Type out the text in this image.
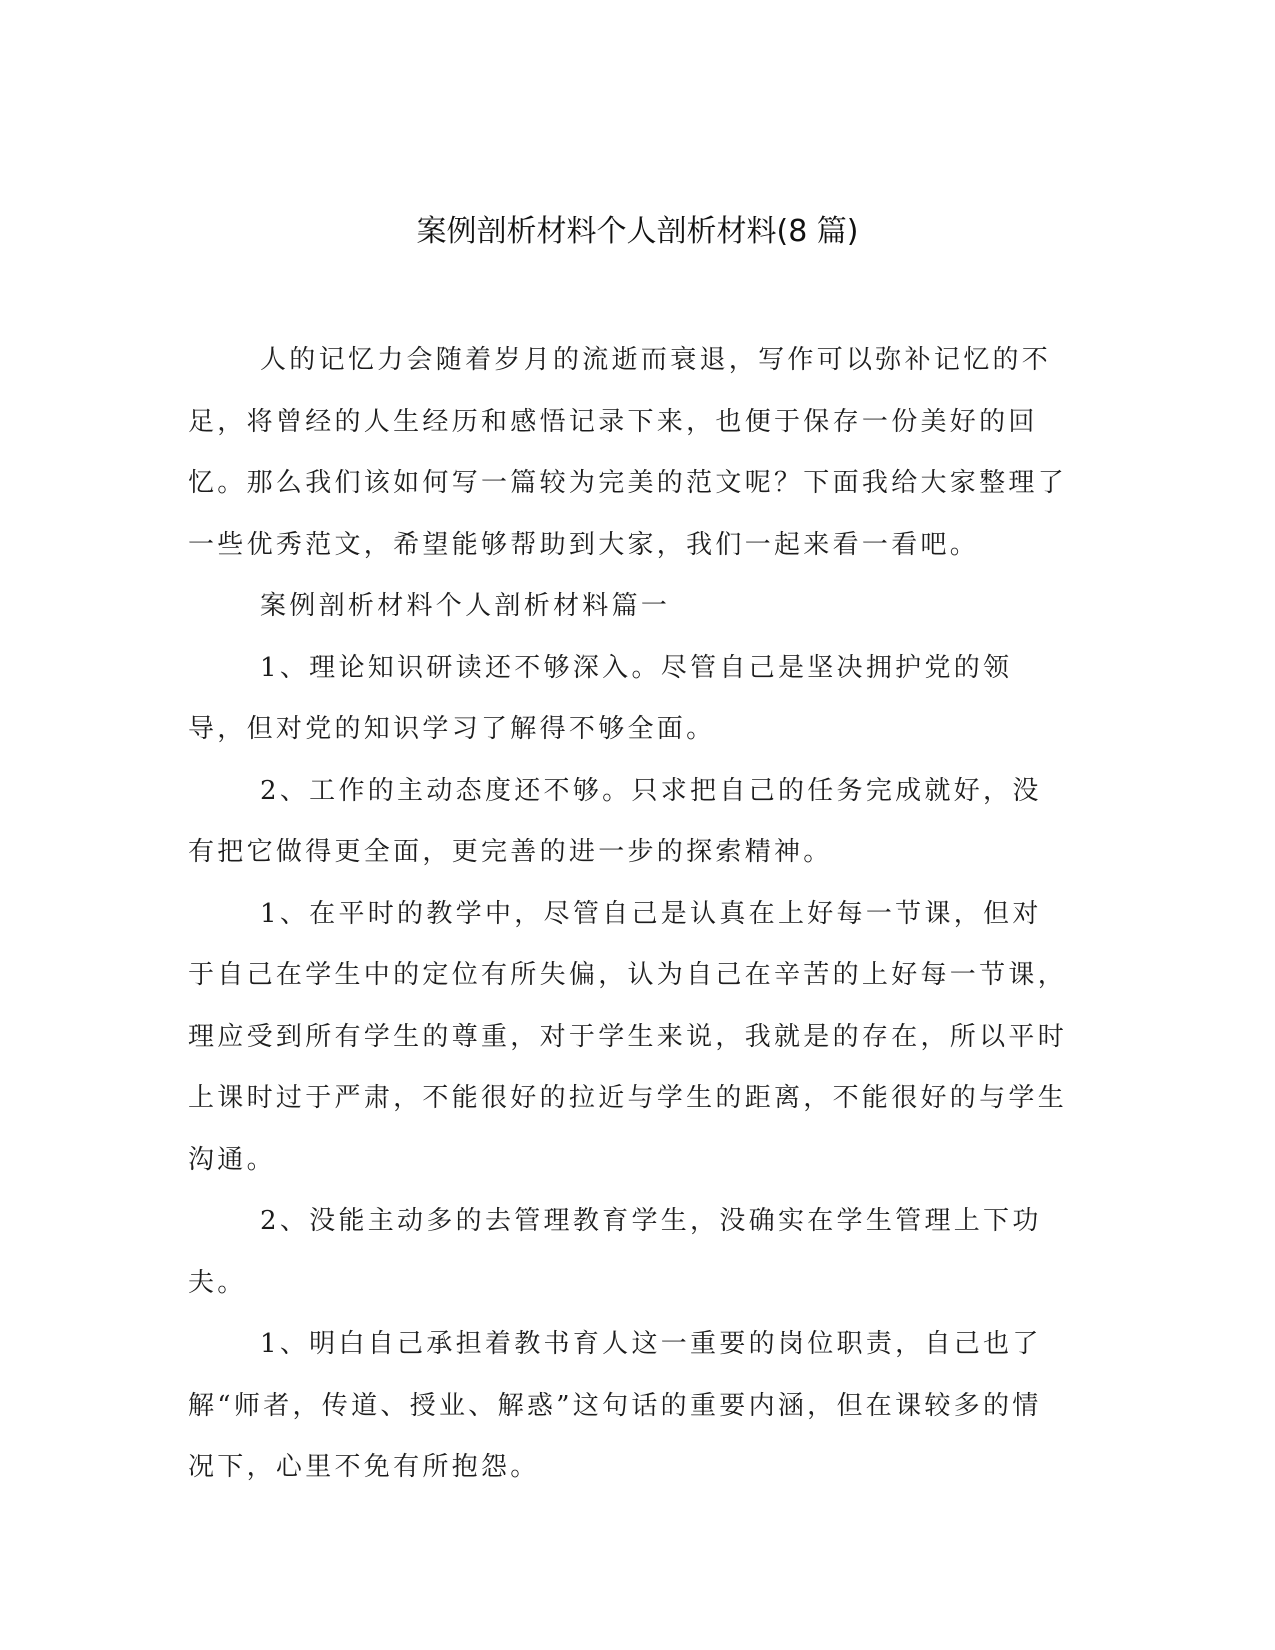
案例剖析材料个人剖析材料(8 篇)

人的记忆力会随着岁月的流逝而衰退，写作可以弥补记忆的不足，将曾经的人生经历和感悟记录下来，也便于保存一份美好的回忆。那么我们该如何写一篇较为完美的范文呢？下面我给大家整理了一些优秀范文，希望能够帮助到大家，我们一起来看一看吧。

案例剖析材料个人剖析材料篇一

1、理论知识研读还不够深入。尽管自己是坚决拥护党的领导，但对党的知识学习了解得不够全面。

2、工作的主动态度还不够。只求把自己的任务完成就好，没有把它做得更全面，更完善的进一步的探索精神。

1、在平时的教学中，尽管自己是认真在上好每一节课，但对于自己在学生中的定位有所失偏，认为自己在辛苦的上好每一节课，理应受到所有学生的尊重，对于学生来说，我就是的存在，所以平时上课时过于严肃，不能很好的拉近与学生的距离，不能很好的与学生沟通。

2、没能主动多的去管理教育学生，没确实在学生管理上下功夫。

1、明白自己承担着教书育人这一重要的岗位职责，自己也了解“师者，传道、授业、解惑”这句话的重要内涵，但在课较多的情况下，心里不免有所抱怨。
